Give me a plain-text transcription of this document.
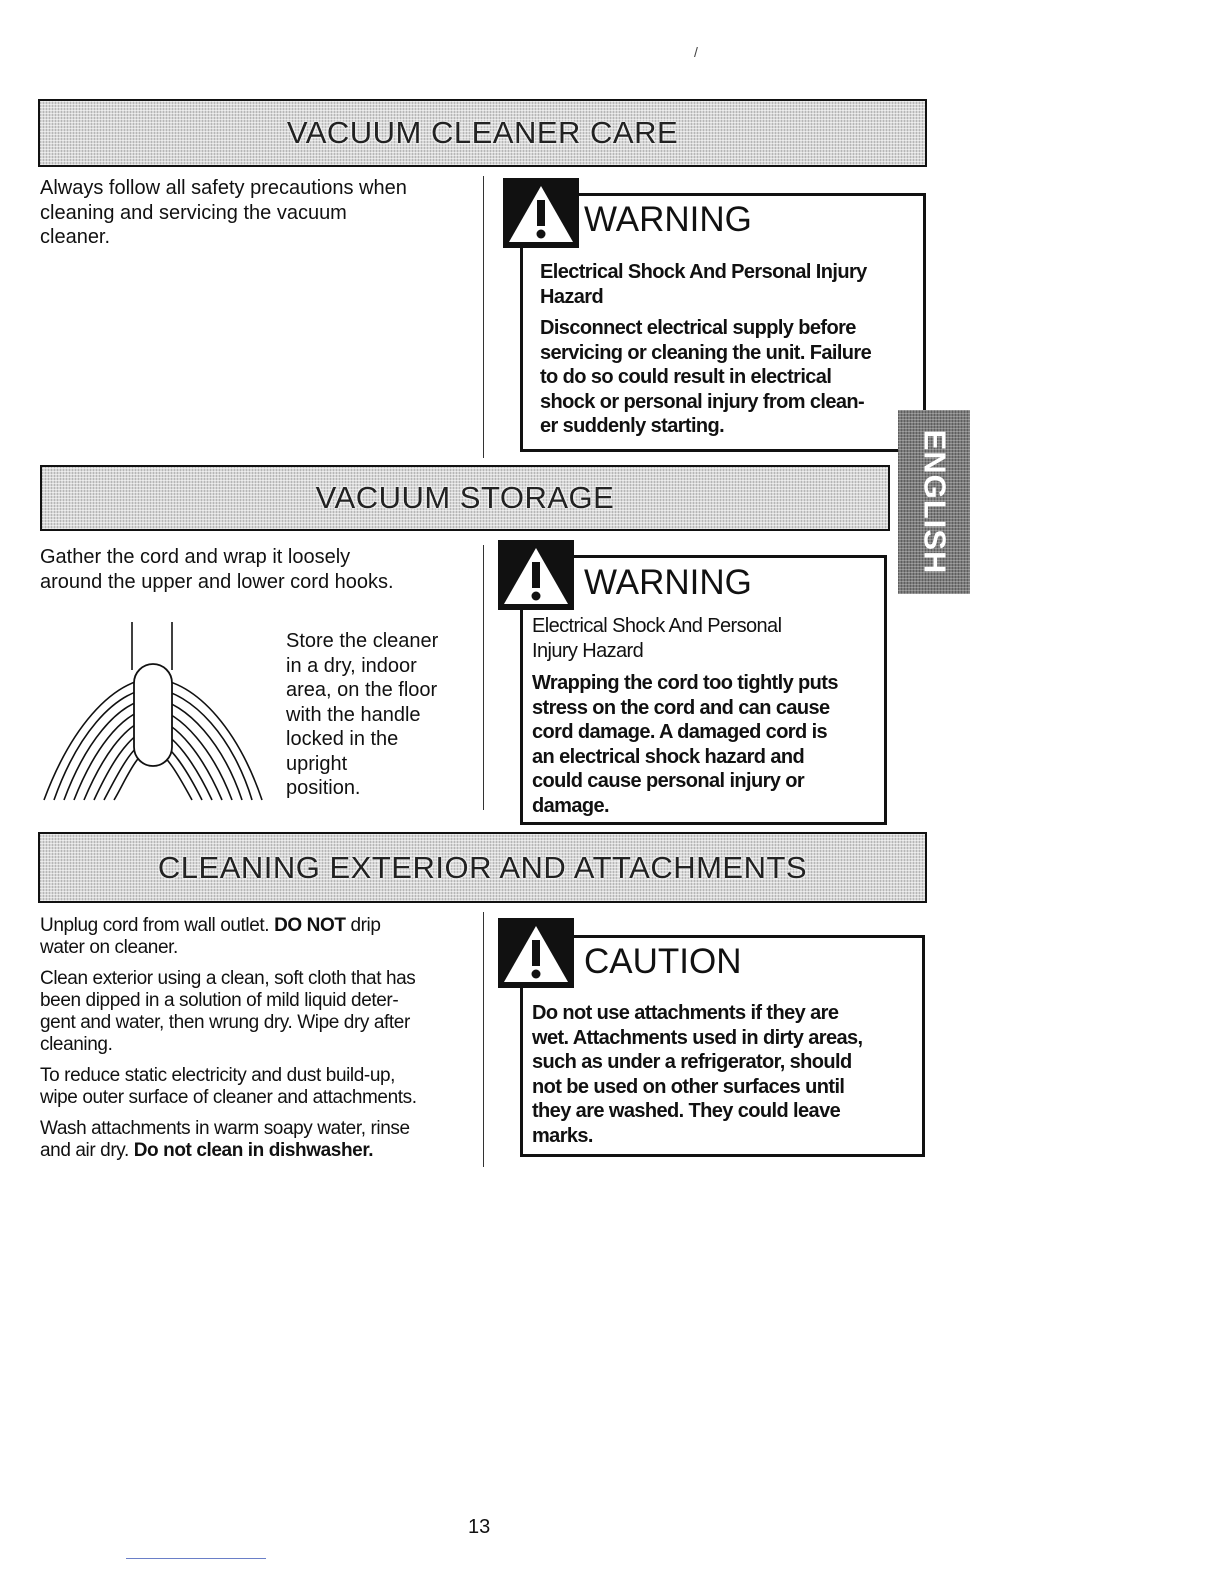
/
VACUUM CLEANER CARE
Always follow all safety precautions when
cleaning and servicing the vacuum
cleaner.	WARNING
Electrical Shock And Personal Injury
Hazard
Disconnect electrical supply before
servicing or cleaning the unit. Failure
to do so could result in electrical
shock or personal injury from clean-
er suddenly starting.
ENGLISH
VACUUM STORAGE
Gather the cord and wrap it loosely
around the upper and lower cord hooks.
Store the cleaner
in a dry, indoor
area, on the floor
with the handle
locked in the
upright
position.
WARNING
Electrical Shock And Personal
Injury Hazard
Wrapping the cord too tightly puts
stress on the cord and can cause
cord damage. A damaged cord is
an electrical shock hazard and
could cause personal injury or
damage.
CLEANING EXTERIOR AND ATTACHMENTS

Unplug cord from wall outlet. DO NOT drip
water on cleaner.

Clean exterior using a clean, soft cloth that has
been dipped in a solution of mild liquid deter-
gent and water, then wrung dry. Wipe dry after
cleaning.

To reduce static electricity and dust build-up,
wipe outer surface of cleaner and attachments.

Wash attachments in warm soapy water, rinse
and air dry. Do not clean in dishwasher.

CAUTION
Do not use attachments if they are
wet. Attachments used in dirty areas,
such as under a refrigerator, should
not be used on other surfaces until
they are washed. They could leave
marks.
13
